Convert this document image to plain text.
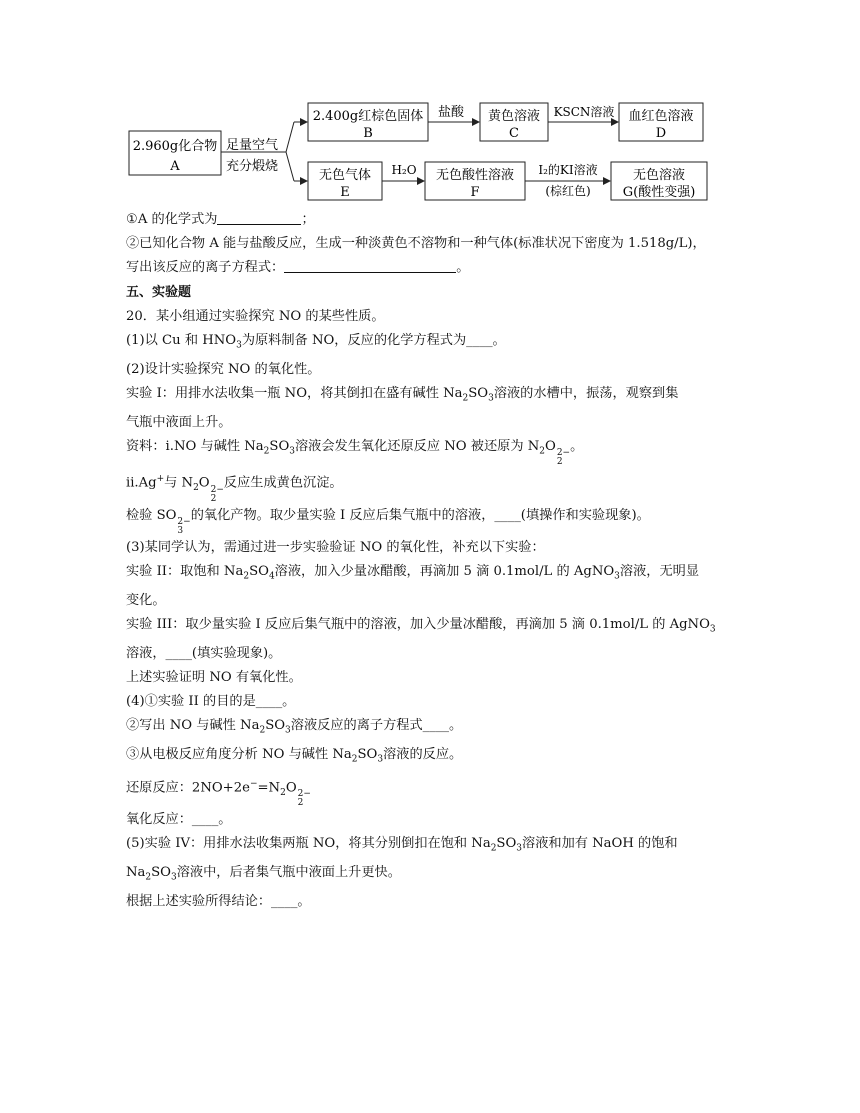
2.960g化合物
A
足量空气
充分煅烧
2.400g红棕色固体
B
盐酸 黄色溶液
C
KSCN溶液 血红色溶液
D
无色气体
E
H₂O 无色酸性溶液
F
I₂的KI溶液
(棕红色)
无色溶液
G(酸性变强)
①A 的化学式为	；
②已知化合物 A 能与盐酸反应，生成一种淡黄色不溶物和一种气体(标准状况下密度为 1.518g/L)，
写出该反应的离子方程式：	。
五、实验题
20．某小组通过实验探究 NO 的某些性质。
(1)以 Cu 和 $HNO_3$为原料制备 NO，反应的化学方程式为____。
(2)设计实验探究 NO 的氧化性。
实验 I：用排水法收集一瓶 NO，将其倒扣在盛有碱性 $Na_2SO_3$溶液的水槽中，振荡，观察到集
气瓶中液面上升。
资料：i.NO 与碱性 $Na_2SO_3$溶液会发生氧化还原反应 NO 被还原为 $N_2O$ 2−
2
。
ii.Ag+与 $N_2O$ 2−
2
反应生成黄色沉淀。
检验 SO 2−
3
的氧化产物。取少量实验 I 反应后集气瓶中的溶液，____(填操作和实验现象)。
(3)某同学认为，需通过进一步实验验证 NO 的氧化性，补充以下实验：
实验 II：取饱和 $Na_2SO_4$溶液，加入少量冰醋酸，再滴加 5 滴 0.1mol/L 的 AgNO$_3$溶液，无明显
变化。
实验 III：取少量实验 I 反应后集气瓶中的溶液，加入少量冰醋酸，再滴加 5 滴 0.1mol/L 的 AgNO$_3$
溶液，____(填实验现象)。
上述实验证明 NO 有氧化性。
(4)①实验 II 的目的是____。
②写出 NO 与碱性 $Na_2SO_3$溶液反应的离子方程式____。
③从电极反应角度分析 NO 与碱性 $Na_2SO_3$溶液的反应。
还原反应：$2NO+2e^-=N_2O$ 2−
2
氧化反应：____。
(5)实验 IV：用排水法收集两瓶 NO，将其分别倒扣在饱和 $Na_2SO_3$溶液和加有 NaOH 的饱和
$Na_2SO_3$溶液中，后者集气瓶中液面上升更快。
根据上述实验所得结论：____。
